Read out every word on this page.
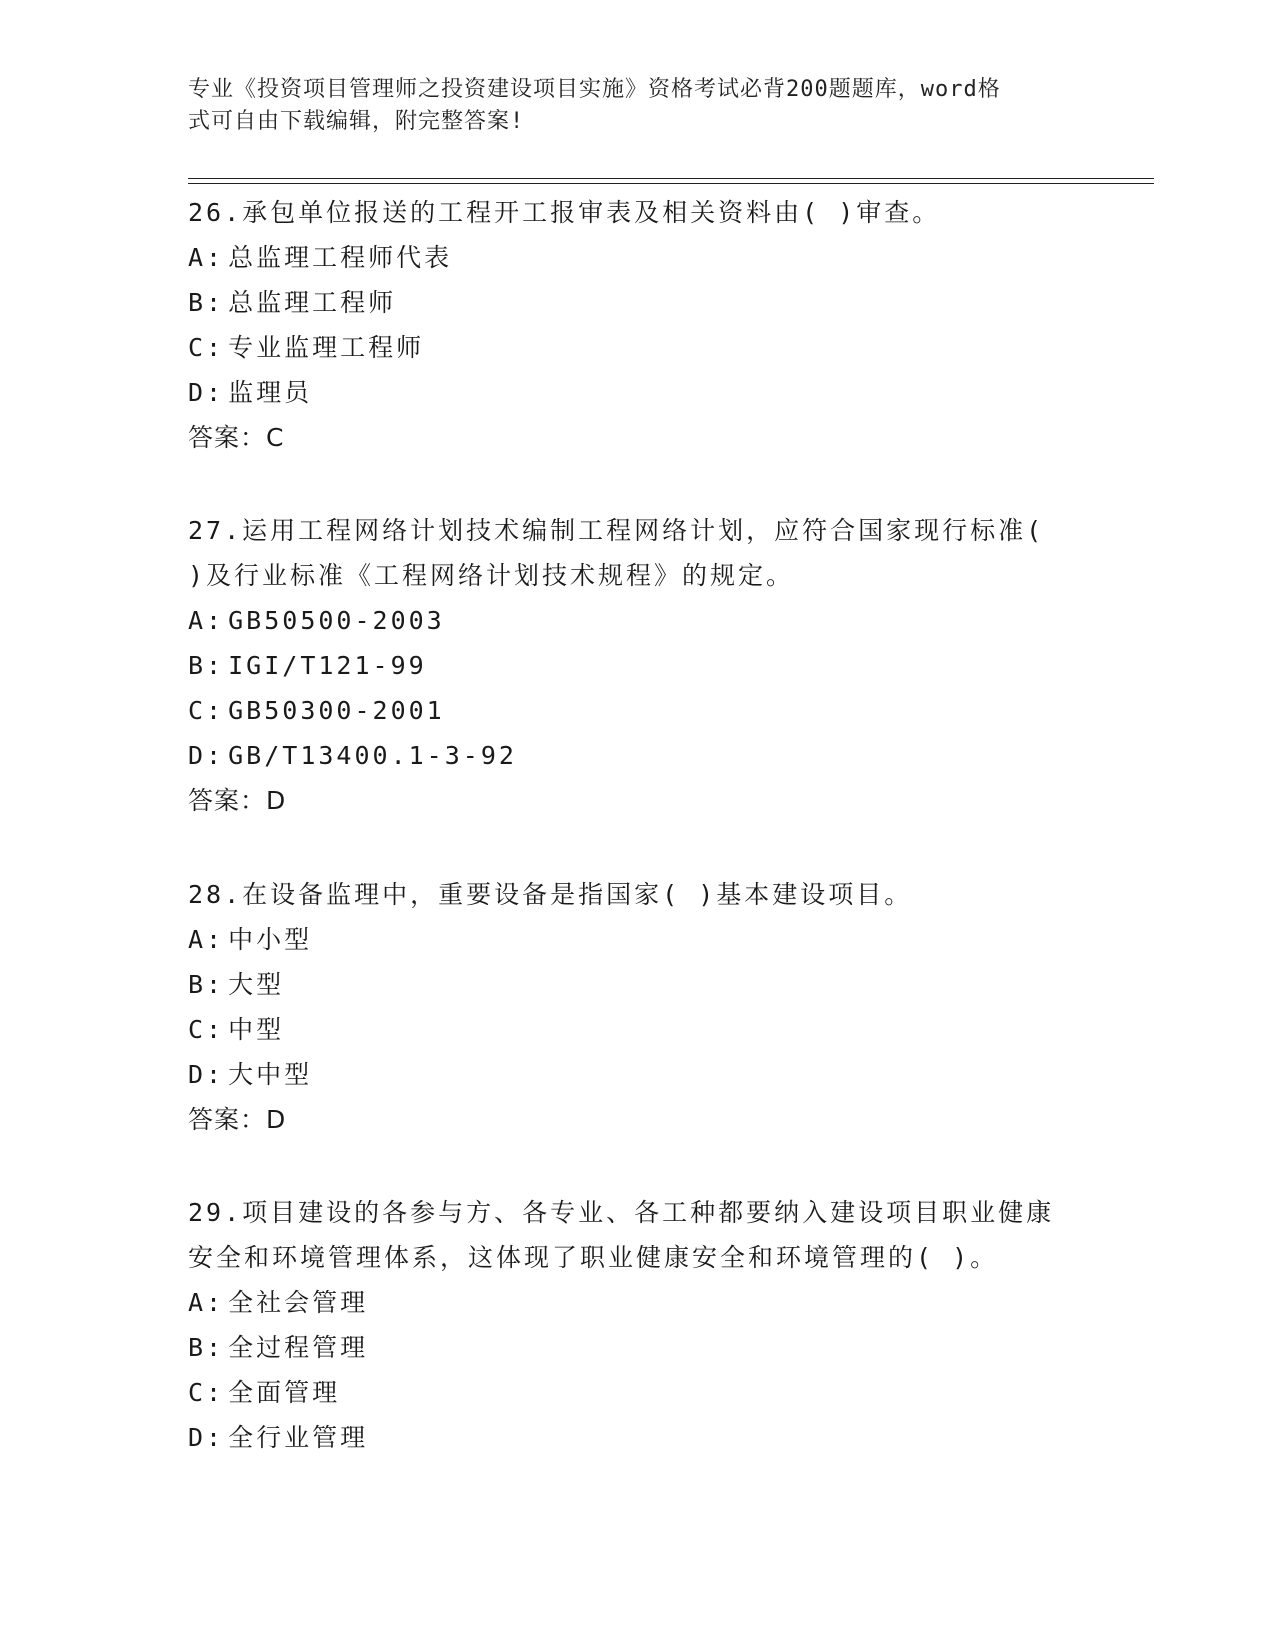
专业《投资项目管理师之投资建设项目实施》资格考试必背200题题库，word格
式可自由下载编辑，附完整答案!

26.承包单位报送的工程开工报审表及相关资料由( )审查。

A: 总监理工程师代表

B: 总监理工程师

C: 专业监理工程师

D: 监理员

答案：C

27.运用工程网络计划技术编制工程网络计划，应符合国家现行标准(

)及行业标准《工程网络计划技术规程》的规定。

A: GB50500-2003

B: IGI/T121-99

C: GB50300-2001

D: GB/T13400.1-3-92

答案：D

28.在设备监理中，重要设备是指国家( )基本建设项目。

A: 中小型

B: 大型

C: 中型

D: 大中型

答案：D

29.项目建设的各参与方、各专业、各工种都要纳入建设项目职业健康

安全和环境管理体系，这体现了职业健康安全和环境管理的( )。

A: 全社会管理

B: 全过程管理

C: 全面管理

D: 全行业管理
